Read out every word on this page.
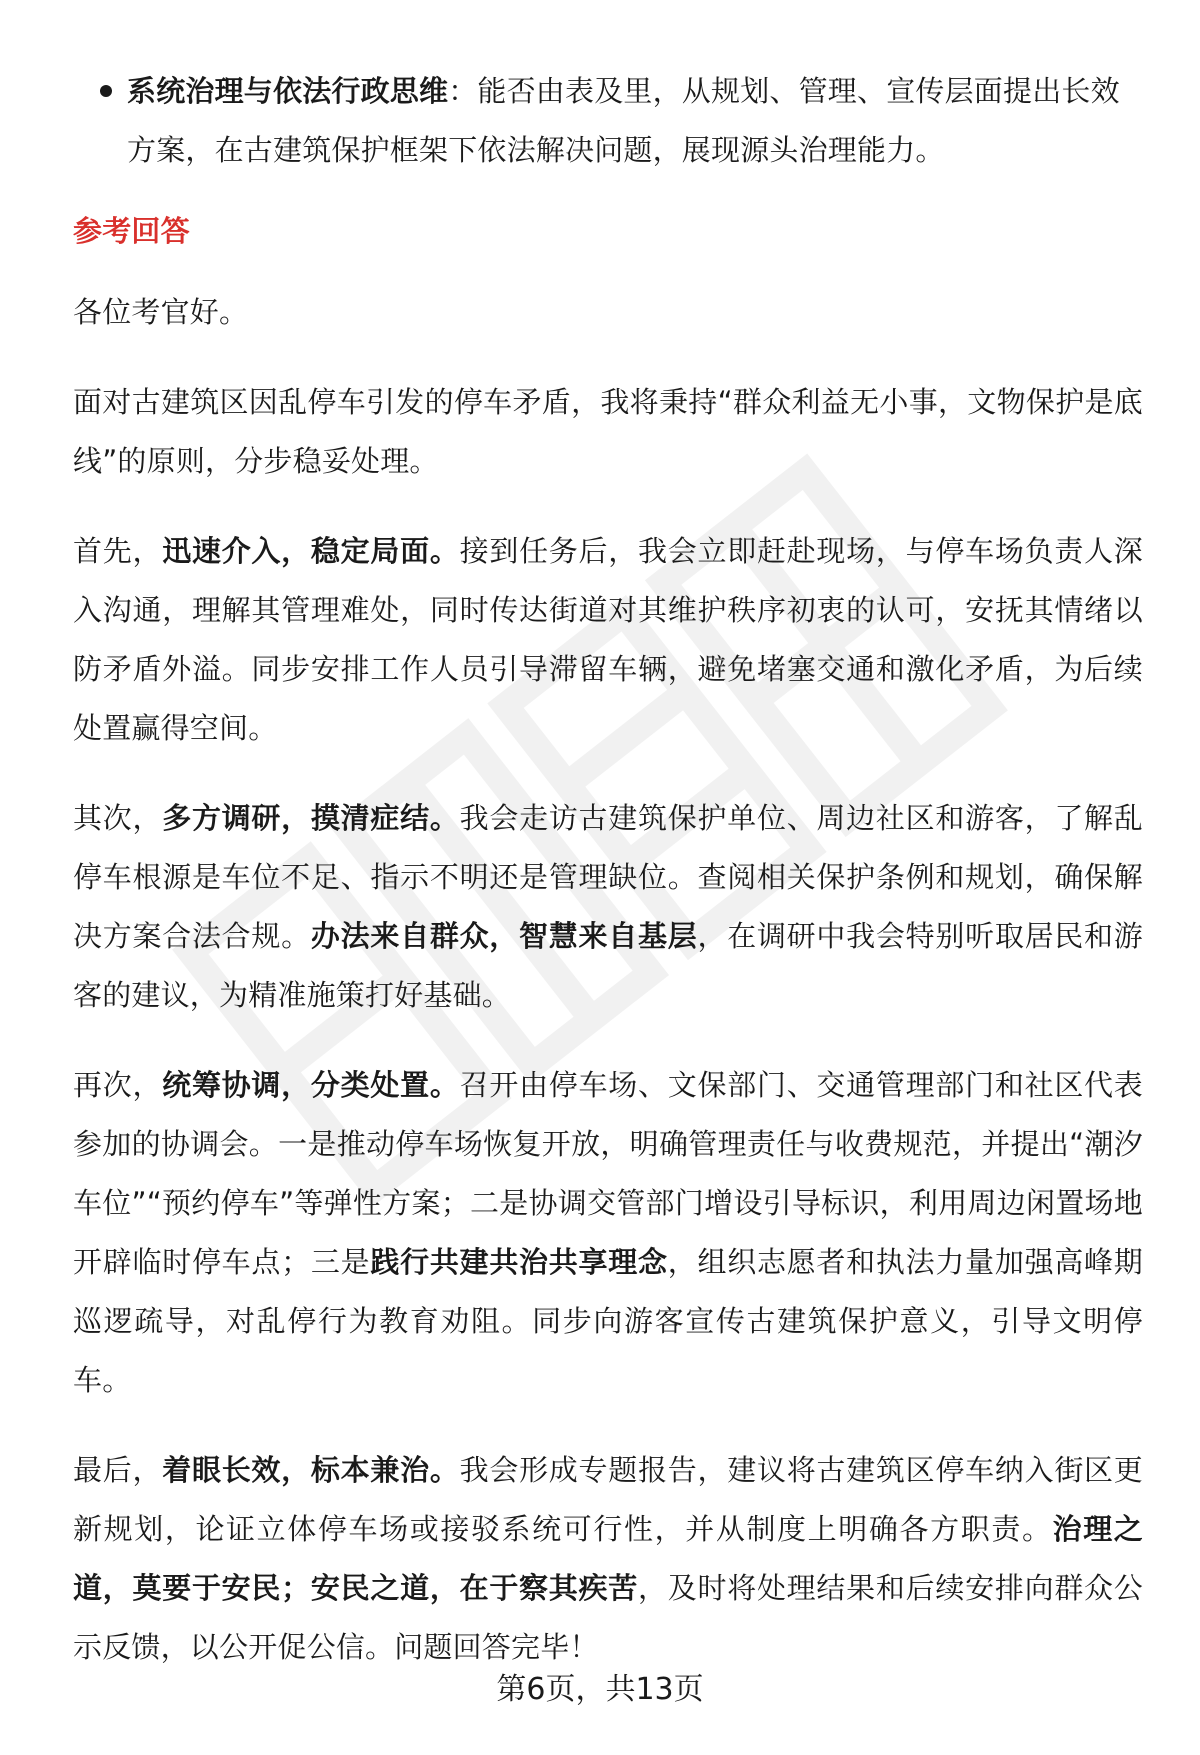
系统治理与依法行政思维：能否由表及里，从规划、管理、宣传层面提出长效方案，在古建筑保护框架下依法解决问题，展现源头治理能力。
参考回答

各位考官好。

面对古建筑区因乱停车引发的停车矛盾，我将秉持“群众利益无小事，文物保护是底线”的原则，分步稳妥处理。

首先，迅速介入，稳定局面。接到任务后，我会立即赶赴现场，与停车场负责人深入沟通，理解其管理难处，同时传达街道对其维护秩序初衷的认可，安抚其情绪以防矛盾外溢。同步安排工作人员引导滞留车辆，避免堵塞交通和激化矛盾，为后续处置赢得空间。

其次，多方调研，摸清症结。我会走访古建筑保护单位、周边社区和游客，了解乱停车根源是车位不足、指示不明还是管理缺位。查阅相关保护条例和规划，确保解决方案合法合规。办法来自群众，智慧来自基层，在调研中我会特别听取居民和游客的建议，为精准施策打好基础。

再次，统筹协调，分类处置。召开由停车场、文保部门、交通管理部门和社区代表参加的协调会。一是推动停车场恢复开放，明确管理责任与收费规范，并提出“潮汐车位”“预约停车”等弹性方案；二是协调交管部门增设引导标识，利用周边闲置场地开辟临时停车点；三是践行共建共治共享理念，组织志愿者和执法力量加强高峰期巡逻疏导，对乱停行为教育劝阻。同步向游客宣传古建筑保护意义，引导文明停车。

最后，着眼长效，标本兼治。我会形成专题报告，建议将古建筑区停车纳入街区更新规划，论证立体停车场或接驳系统可行性，并从制度上明确各方职责。治理之道，莫要于安民；安民之道，在于察其疾苦，及时将处理结果和后续安排向群众公示反馈，以公开促公信。问题回答完毕！

第6页，共13页
